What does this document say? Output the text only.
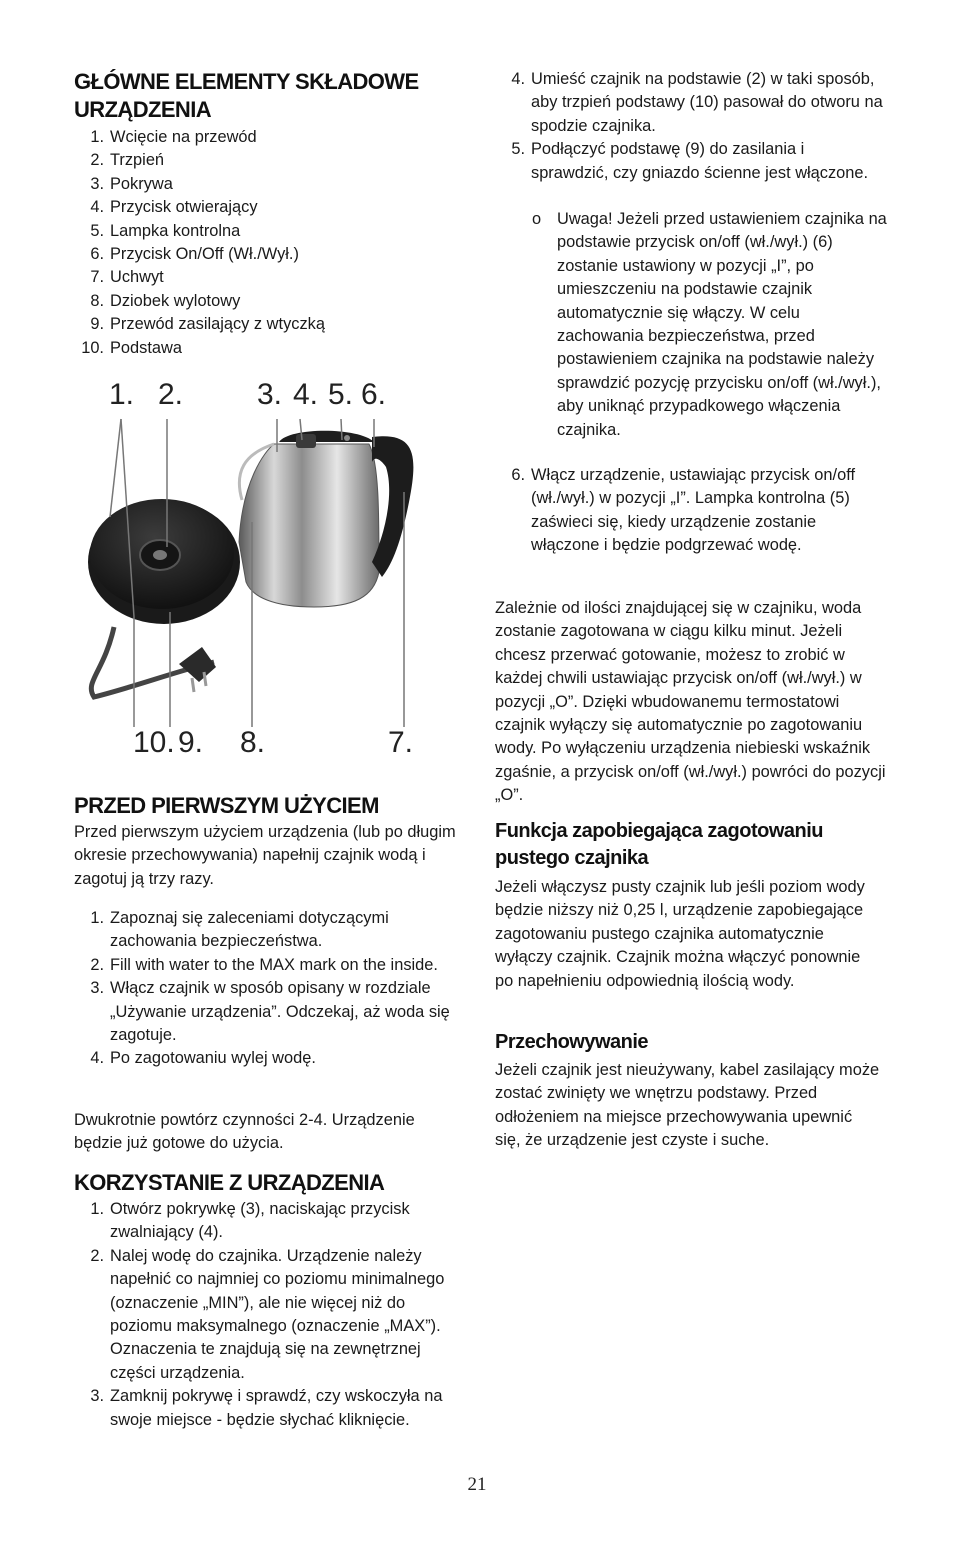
GŁÓWNE ELEMENTY SKŁADOWE URZĄDZENIA
1. Wcięcie na przewód
2. Trzpień
3. Pokrywa
4. Przycisk otwierający
5. Lampka kontrolna
6. Przycisk On/Off (Wł./Wył.)
7. Uchwyt
8. Dziobek wylotowy
9. Przewód zasilający z wtyczką
10. Podstawa
PRZED PIERWSZYM UŻYCIEM

Przed pierwszym użyciem urządzenia (lub po długim okresie przechowywania) napełnij czajnik wodą i zagotuj ją trzy razy.

1. Zapoznaj się zaleceniami dotyczącymi zachowania bezpieczeństwa.
2. Fill with water to the MAX mark on the inside.
3. Włącz czajnik w sposób opisany w rozdziale „Używanie urządzenia”. Odczekaj, aż woda się zagotuje.
4. Po zagotowaniu wylej wodę.

Dwukrotnie powtórz czynności 2-4. Urządzenie będzie już gotowe do użycia.

KORZYSTANIE Z URZĄDZENIA
1. Otwórz pokrywkę (3), naciskając przycisk zwalniający (4).
2. Nalej wodę do czajnika. Urządzenie należy napełnić co najmniej co poziomu minimalnego (oznaczenie „MIN”), ale nie więcej niż do poziomu maksymalnego (oznaczenie „MAX”). Oznaczenia te znajdują się na zewnętrznej części urządzenia.
3. Zamknij pokrywę i sprawdź, czy wskoczyła na swoje miejsce - będzie słychać kliknięcie.
1. 2. 3. 4. 5. 6.
10. 9. 8.	7.
4. Umieść czajnik na podstawie (2) w taki sposób, aby trzpień podstawy (10) pasował do otworu na spodzie czajnika.
5. Podłączyć podstawę (9) do zasilania i sprawdzić, czy gniazdo ścienne jest włączone.
o Uwaga! Jeżeli przed ustawieniem czajnika na podstawie przycisk on/off (wł./wył.) (6) zostanie ustawiony w pozycji „I”, po umieszczeniu na podstawie czajnik automatycznie się włączy. W celu zachowania bezpieczeństwa, przed postawieniem czajnika na podstawie należy sprawdzić pozycję przycisku on/off (wł./wył.), aby uniknąć przypadkowego włączenia czajnika.
6. Włącz urządzenie, ustawiając przycisk on/off (wł./wył.) w pozycji „I”. Lampka kontrolna (5) zaświeci się, kiedy urządzenie zostanie włączone i będzie podgrzewać wodę.

Zależnie od ilości znajdującej się w czajniku, woda zostanie zagotowana w ciągu kilku minut. Jeżeli chcesz przerwać gotowanie, możesz to zrobić w każdej chwili ustawiając przycisk on/off (wł./wył.) w pozycji „O”. Dzięki wbudowanemu termostatowi czajnik wyłączy się automatycznie po zagotowaniu wody. Po wyłączeniu urządzenia niebieski wskaźnik zgaśnie, a przycisk on/off (wł./wył.) powróci do pozycji „O”.

Funkcja zapobiegająca zagotowaniu pustego czajnika

Jeżeli włączysz pusty czajnik lub jeśli poziom wody będzie niższy niż 0,25 l, urządzenie zapobiegające zagotowaniu pustego czajnika automatycznie wyłączy czajnik. Czajnik można włączyć ponownie po napełnieniu odpowiednią ilością wody.

Przechowywanie

Jeżeli czajnik jest nieużywany, kabel zasilający może zostać zwinięty we wnętrzu podstawy. Przed odłożeniem na miejsce przechowywania upewnić się, że urządzenie jest czyste i suche.

21
